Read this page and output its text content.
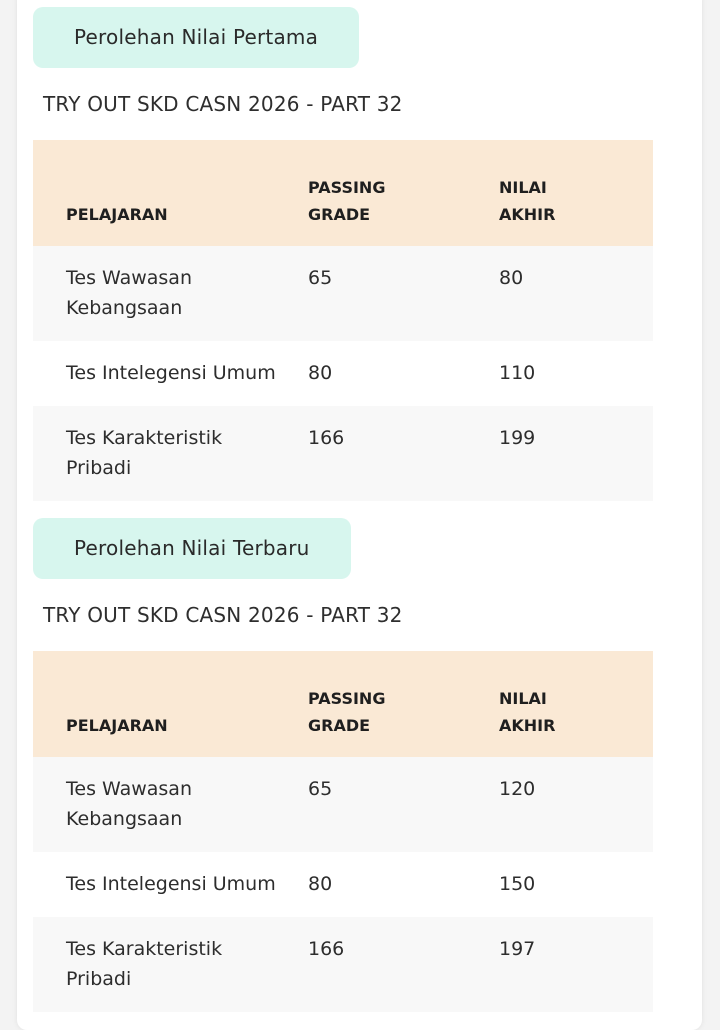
Perolehan Nilai Pertama
TRY OUT SKD CASN 2026 - PART 32
PELAJARAN	PASSING GRADE	NILAI AKHIR

Tes Wawasan Kebangsaan	65	80

Tes Intelegensi Umum	80	110

Tes Karakteristik Pribadi	166	199
Perolehan Nilai Terbaru
TRY OUT SKD CASN 2026 - PART 32
PELAJARAN	PASSING GRADE	NILAI AKHIR

Tes Wawasan Kebangsaan	65	120

Tes Intelegensi Umum	80	150

Tes Karakteristik Pribadi	166	197
